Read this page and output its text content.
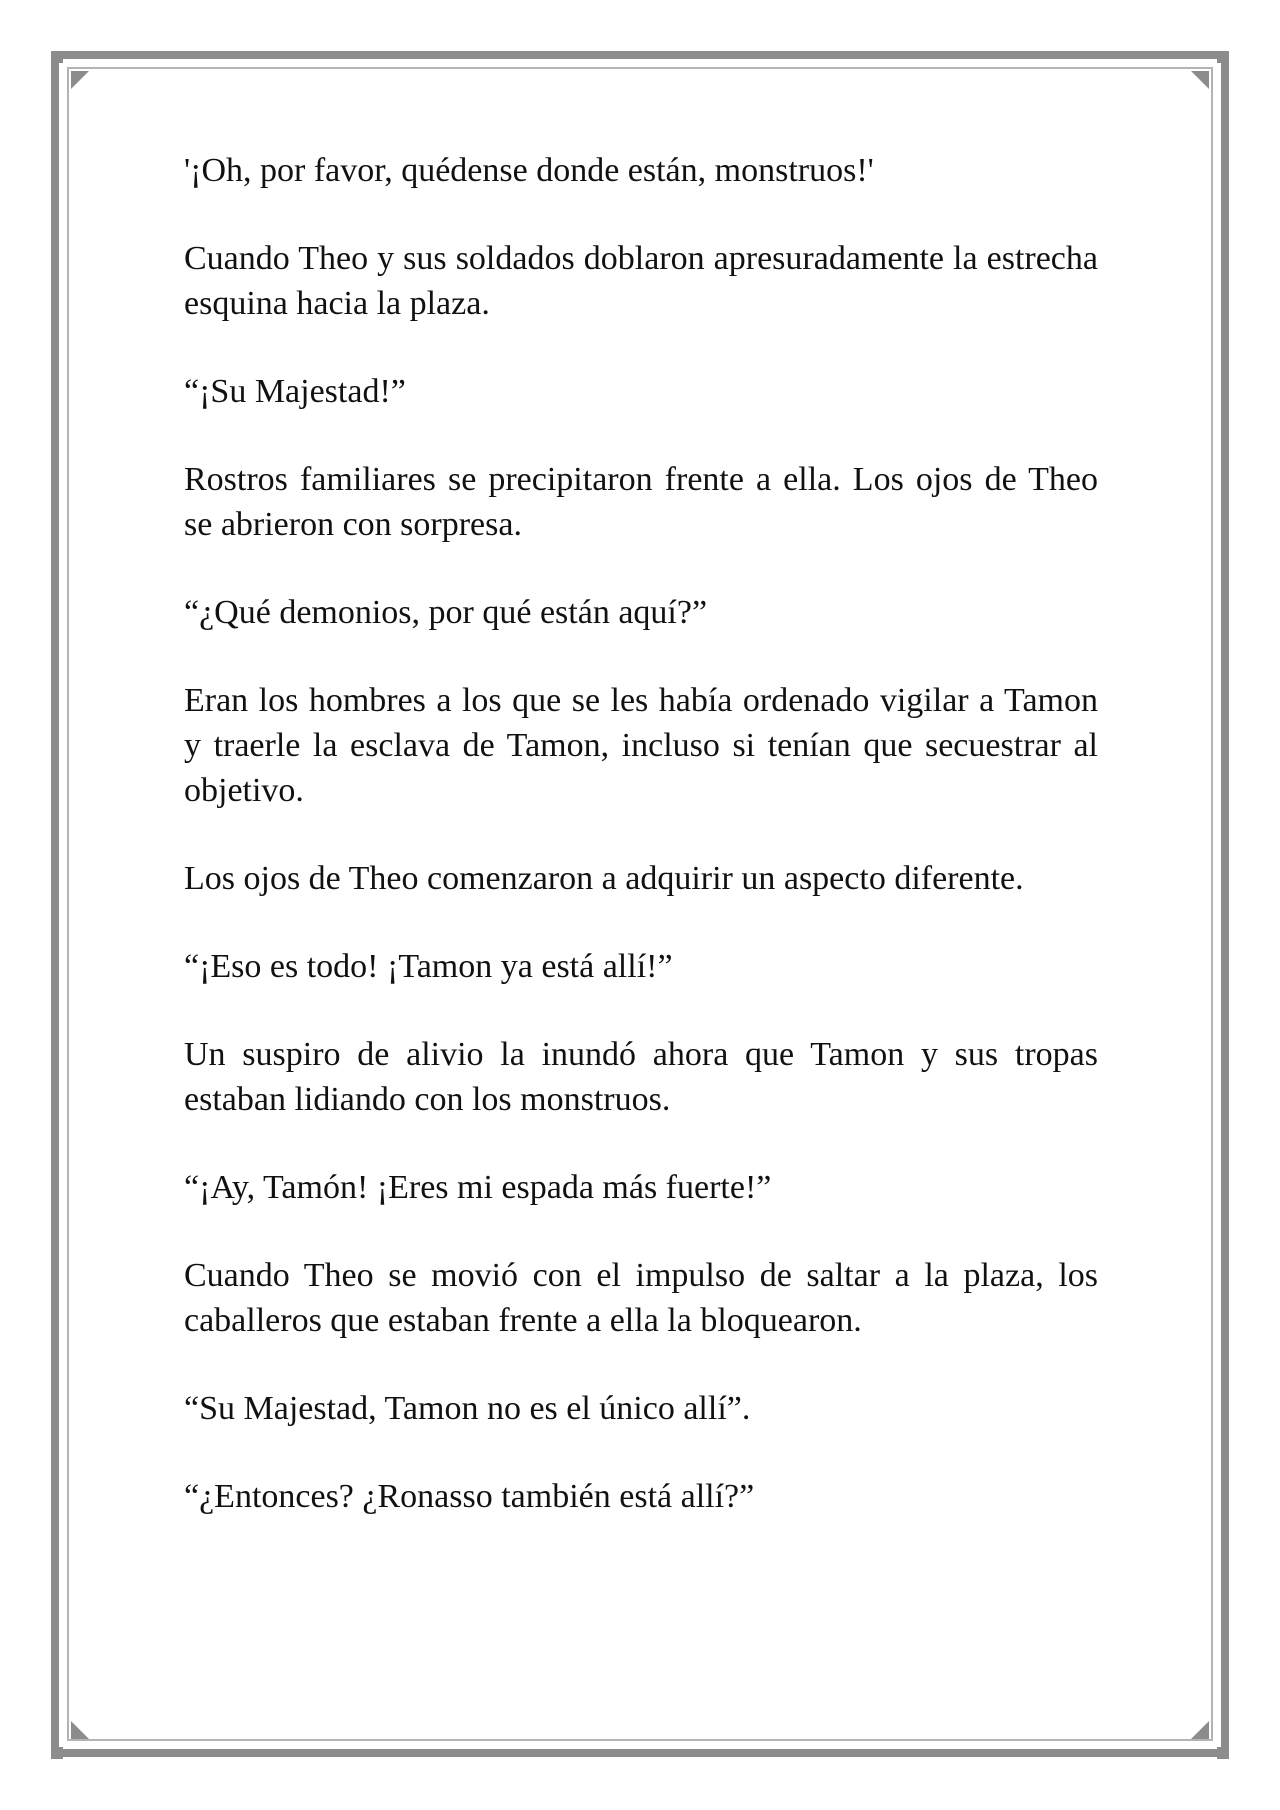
'¡Oh, por favor, quédense donde están, monstruos!'

Cuando Theo y sus soldados doblaron apresuradamente la estrecha esquina hacia la plaza.

“¡Su Majestad!”

Rostros familiares se precipitaron frente a ella. Los ojos de Theo se abrieron con sorpresa.

“¿Qué demonios, por qué están aquí?”

Eran los hombres a los que se les había ordenado vigilar a Tamon y traerle la esclava de Tamon, incluso si tenían que secuestrar al objetivo.

Los ojos de Theo comenzaron a adquirir un aspecto diferente.

“¡Eso es todo! ¡Tamon ya está allí!”

Un suspiro de alivio la inundó ahora que Tamon y sus tropas estaban lidiando con los monstruos.

“¡Ay, Tamón! ¡Eres mi espada más fuerte!”

Cuando Theo se movió con el impulso de saltar a la plaza, los caballeros que estaban frente a ella la bloquearon.

“Su Majestad, Tamon no es el único allí”.

“¿Entonces? ¿Ronasso también está allí?”
